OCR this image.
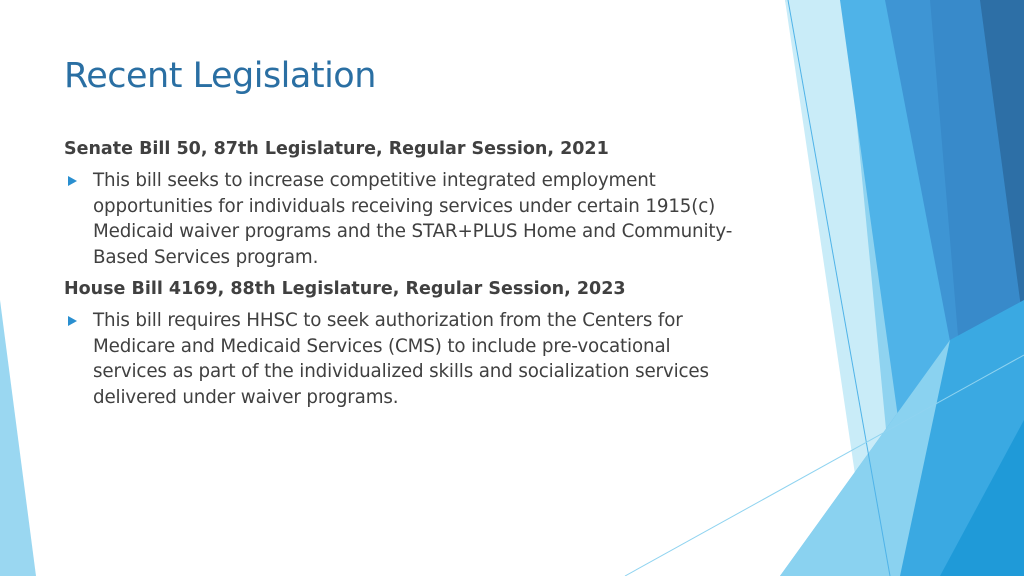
Recent Legislation

Senate Bill 50, 87th Legislature, Regular Session, 2021

This bill seeks to increase competitive integrated employment
opportunities for individuals receiving services under certain 1915(c)
Medicaid waiver programs and the STAR+PLUS Home and Community-
Based Services program.

House Bill 4169, 88th Legislature, Regular Session, 2023

This bill requires HHSC to seek authorization from the Centers for
Medicare and Medicaid Services (CMS) to include pre-vocational
services as part of the individualized skills and socialization services
delivered under waiver programs.
